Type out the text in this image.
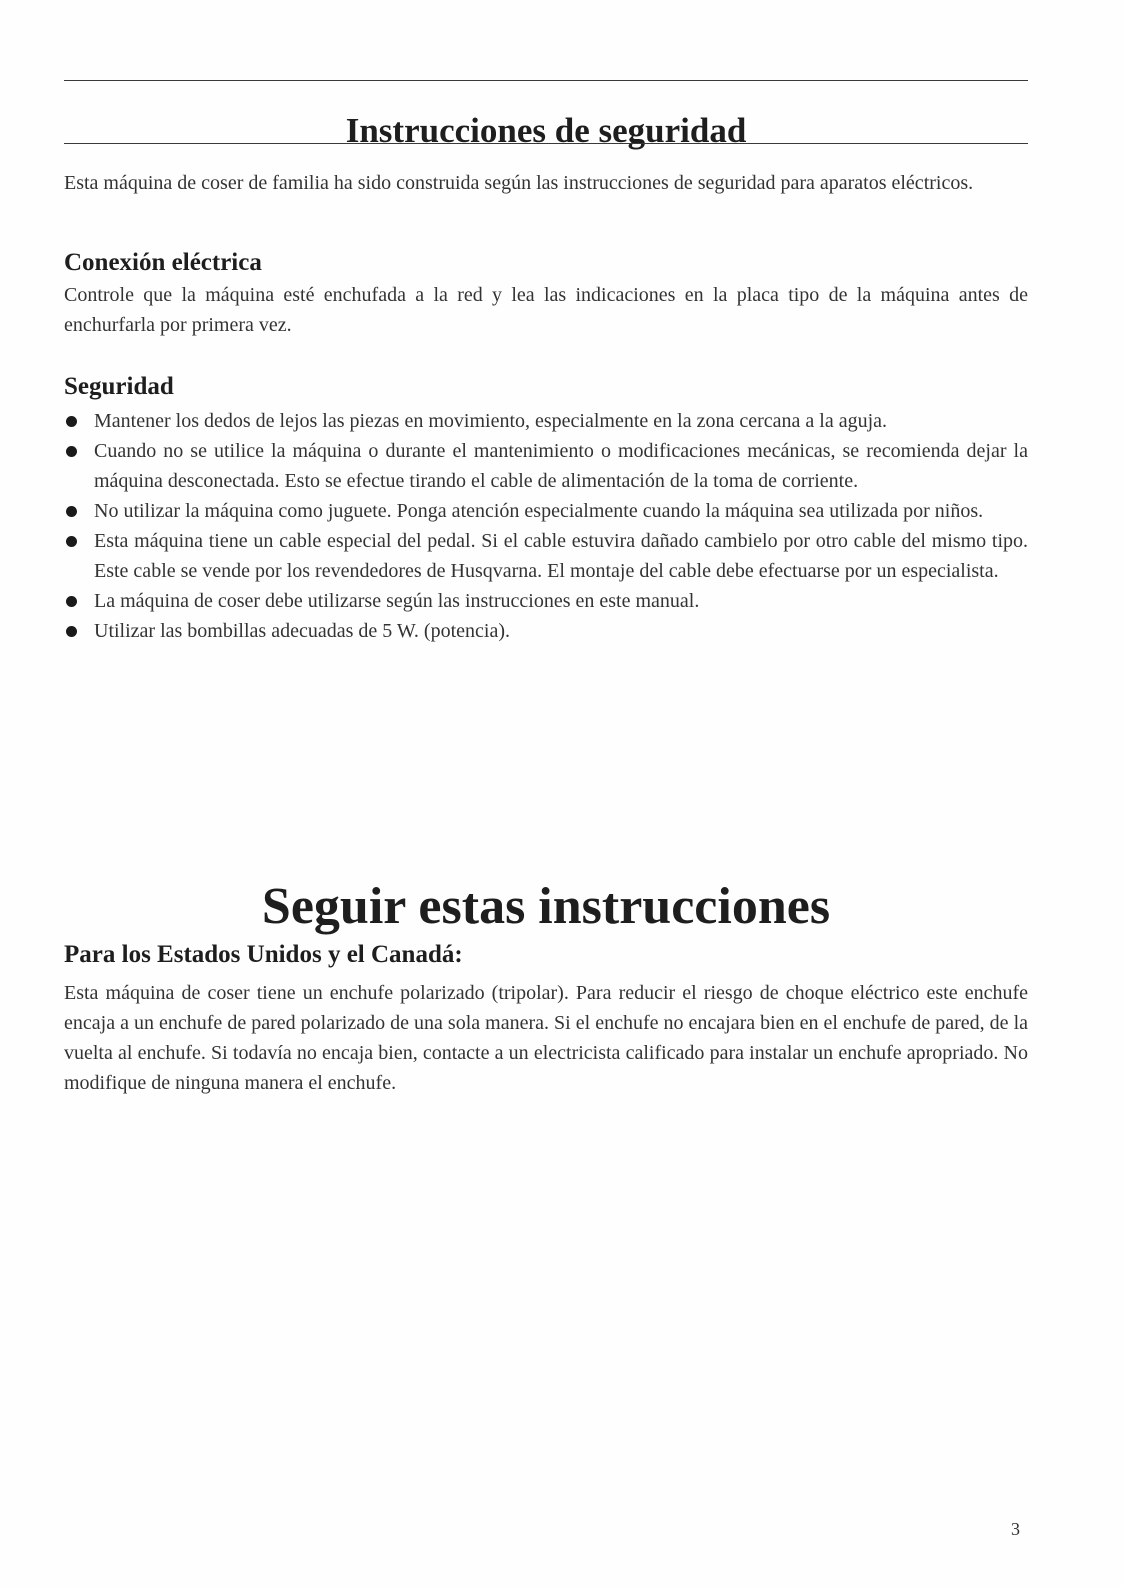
Instrucciones de seguridad

Esta máquina de coser de familia ha sido construida según las instrucciones de seguridad para aparatos eléctricos.

Conexión eléctrica

Controle que la máquina esté enchufada a la red y lea las indicaciones en la placa tipo de la máquina antes de enchurfarla por primera vez.

Seguridad
Mantener los dedos de lejos las piezas en movimiento, especialmente en la zona cercana a la aguja.
Cuando no se utilice la máquina o durante el mantenimiento o modificaciones mecánicas, se recomienda dejar la máquina desconectada. Esto se efectue tirando el cable de alimentación de la toma de corriente.
No utilizar la máquina como juguete. Ponga atención especialmente cuando la máquina sea utilizada por niños.
Esta máquina tiene un cable especial del pedal. Si el cable estuvira dañado cambielo por otro cable del mismo tipo. Este cable se vende por los revendedores de Husqvarna. El montaje del cable debe efectuarse por un especialista.
La máquina de coser debe utilizarse según las instrucciones en este manual.
Utilizar las bombillas adecuadas de 5 W. (potencia).
Seguir estas instrucciones
Para los Estados Unidos y el Canadá:

Esta máquina de coser tiene un enchufe polarizado (tripolar). Para reducir el riesgo de choque eléctrico este enchufe encaja a un enchufe de pared polarizado de una sola manera. Si el enchufe no encajara bien en el enchufe de pared, de la vuelta al enchufe. Si todavía no encaja bien, contacte a un electricista calificado para instalar un enchufe apropriado. No modifique de ninguna manera el enchufe.

3
